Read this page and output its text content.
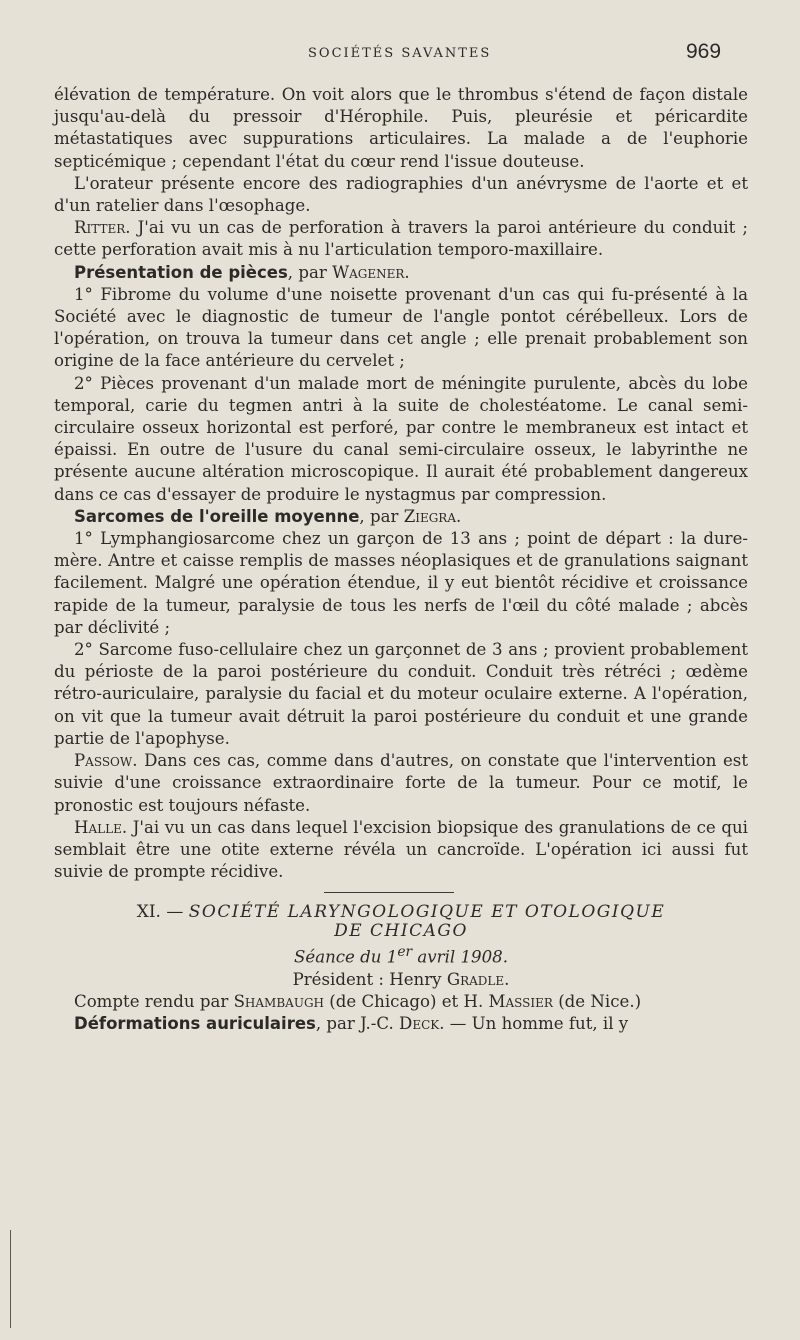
SOCIÉTÉS SAVANTES	969

élévation de température. On voit alors que le thrombus s'étend de façon distale jusqu'au-delà du pressoir d'Hérophile. Puis, pleurésie et péricardite métastatiques avec suppurations articulaires. La malade a de l'euphorie septicémique ; cependant l'état du cœur rend l'issue douteuse.

L'orateur présente encore des radiographies d'un anévrysme de l'aorte et et d'un ratelier dans l'œsophage.

Ritter. J'ai vu un cas de perforation à travers la paroi antérieure du conduit ; cette perforation avait mis à nu l'articulation temporo-maxillaire.

Présentation de pièces, par Wagener.

1° Fibrome du volume d'une noisette provenant d'un cas qui fu-présenté à la Société avec le diagnostic de tumeur de l'angle pontot cérébelleux. Lors de l'opération, on trouva la tumeur dans cet angle ; elle prenait probablement son origine de la face antérieure du cervelet ;

2° Pièces provenant d'un malade mort de méningite purulente, abcès du lobe temporal, carie du tegmen antri à la suite de cholestéatome. Le canal semi-circulaire osseux horizontal est perforé, par contre le membraneux est intact et épaissi. En outre de l'usure du canal semi-circulaire osseux, le labyrinthe ne présente aucune altération microscopique. Il aurait été probablement dangereux dans ce cas d'essayer de produire le nystagmus par compression.

Sarcomes de l'oreille moyenne, par Ziegra.

1° Lymphangiosarcome chez un garçon de 13 ans ; point de départ : la dure-mère. Antre et caisse remplis de masses néoplasiques et de granulations saignant facilement. Malgré une opération étendue, il y eut bientôt récidive et croissance rapide de la tumeur, paralysie de tous les nerfs de l'œil du côté malade ; abcès par déclivité ;

2° Sarcome fuso-cellulaire chez un garçonnet de 3 ans ; provient probablement du périoste de la paroi postérieure du conduit. Conduit très rétréci ; œdème rétro-auriculaire, paralysie du facial et du moteur oculaire externe. A l'opération, on vit que la tumeur avait détruit la paroi postérieure du conduit et une grande partie de l'apophyse.

Passow. Dans ces cas, comme dans d'autres, on constate que l'intervention est suivie d'une croissance extraordinaire forte de la tumeur. Pour ce motif, le pronostic est toujours néfaste.

Halle. J'ai vu un cas dans lequel l'excision biopsique des granulations de ce qui semblait être une otite externe révéla un cancroïde. L'opération ici aussi fut suivie de prompte récidive.

XI. — SOCIÉTÉ LARYNGOLOGIQUE ET OTOLOGIQUE
DE CHICAGO

Séance du 1er avril 1908.

Président : Henry Gradle.

Compte rendu par Shambaugh (de Chicago) et H. Massier (de Nice.)

Déformations auriculaires, par J.-C. Deck. — Un homme fut, il y
